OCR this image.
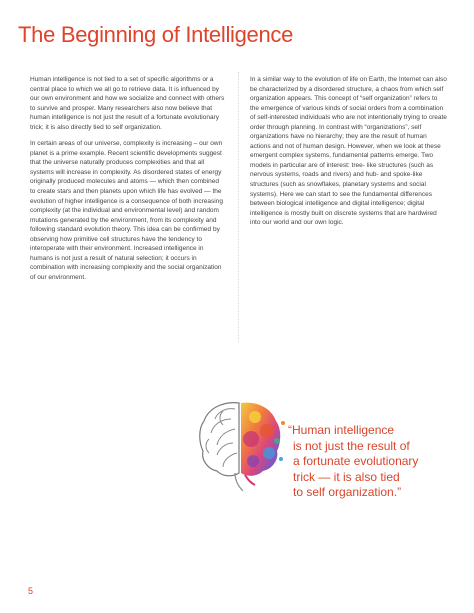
The Beginning of Intelligence

Human intelligence is not tied to a set of specific algorithms or a central place to which we all go to retrieve data. It is influenced by our own environment and how we socialize and connect with others to survive and prosper. Many researchers also now believe that human intelligence is not just the result of a fortunate evolutionary trick; it is also directly tied to self organization.

In certain areas of our universe, complexity is increasing – our own planet is a prime example. Recent scientific developments suggest that the universe naturally produces complexities and that all systems will increase in complexity. As disordered states of energy originally produced molecules and atoms — which then combined to create stars and then planets upon which life has evolved — the evolution of higher intelligence is a consequence of both increasing complexity (at the individual and environmental level) and random mutations generated by the environment, from its complexity and following standard evolution theory. This idea can be confirmed by observing how primitive cell structures have the tendency to interoperate with their environment. Increased intelligence in humans is not just a result of natural selection; it occurs in combination with increasing complexity and the social organization of our environment.

In a similar way to the evolution of life on Earth, the Internet can also be characterized by a disordered structure, a chaos from which self organization appears. This concept of “self organization” refers to the emergence of various kinds of social orders from a combination of self-interested individuals who are not intentionally trying to create order through planning. In contrast with “organizations”, self organizations have no hierarchy; they are the result of human actions and not of human design. However, when we look at these emergent complex systems, fundamental patterns emerge. Two models in particular are of interest: tree- like structures (such as nervous systems, roads and rivers) and hub- and spoke-like structures (such as snowflakes, planetary systems and social systems). Here we can start to see the fundamental differences between biological intelligence and digital intelligence; digital intelligence is mostly built on discrete systems that are hardwired into our world and our own logic.

“Human intelligence
is not just the result of
a fortunate evolutionary
trick — it is also tied
to self organization.”
5
